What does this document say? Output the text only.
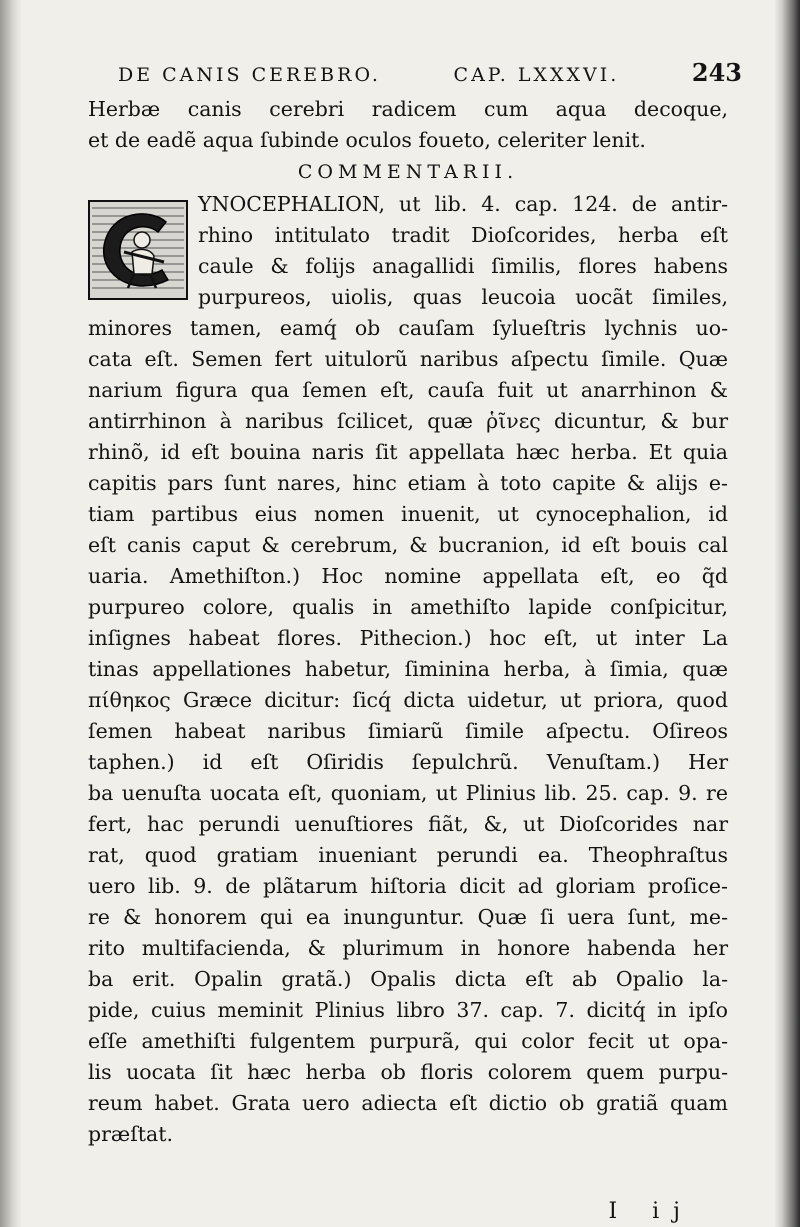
DE CANIS CEREBRO.	CAP. LXXXVI.	243
Herbæ canis cerebri radicem cum aqua decoque,
et de eadẽ aqua ſubinde oculos foueto, celeriter lenit.
COMMENTARII.
YNOCEPHALION, ut lib. 4. cap. 124. de antir-
rhino intitulato tradit Dioſcorides, herba eſt
caule & folijs anagallidi ſimilis, flores habens
purpureos, uiolis, quas leucoia uocãt ſimiles,
minores tamen, eamq́ ob cauſam ſylueſtris lychnis uo-
cata eſt. Semen fert uitulorũ naribus aſpectu ſimile. Quæ
narium figura qua ſemen eſt, cauſa fuit ut anarrhinon &
antirrhinon à naribus ſcilicet, quæ ῥῖνες dicuntur, & bur
rhinõ, id eſt bouina naris ſit appellata hæc herba. Et quia
capitis pars ſunt nares, hinc etiam à toto capite & alijs e-
tiam partibus eius nomen inuenit, ut cynocephalion, id
eſt canis caput & cerebrum, & bucranion, id eſt bouis cal
uaria. Amethiſton.) Hoc nomine appellata eſt, eo q̃d
purpureo colore, qualis in amethiſto lapide conſpicitur,
inſignes habeat flores. Pithecion.) hoc eſt, ut inter La
tinas appellationes habetur, ſiminina herba, à ſimia, quæ
πίθηκος Græce dicitur: ſicq́ dicta uidetur, ut priora, quod
ſemen habeat naribus ſimiarũ ſimile aſpectu. Oſireos
taphen.) id eſt Oſiridis ſepulchrũ. Venuſtam.) Her
ba uenuſta uocata eſt, quoniam, ut Plinius lib. 25. cap. 9. re
fert, hac perundi uenuſtiores fiãt, &, ut Dioſcorides nar
rat, quod gratiam inueniant perundi ea. Theophraſtus
uero lib. 9. de plãtarum hiſtoria dicit ad gloriam proſice-
re & honorem qui ea inunguntur. Quæ ſi uera ſunt, me-
rito multifacienda, & plurimum in honore habenda her
ba erit. Opalin gratã.) Opalis dicta eſt ab Opalio la-
pide, cuius meminit Plinius libro 37. cap. 7. dicitq́ in ipſo
eſſe amethiſti fulgentem purpurã, qui color fecit ut opa-
lis uocata ſit hæc herba ob floris colorem quem purpu-
reum habet. Grata uero adiecta eſt dictio ob gratiã quam
præſtat.
I ij
